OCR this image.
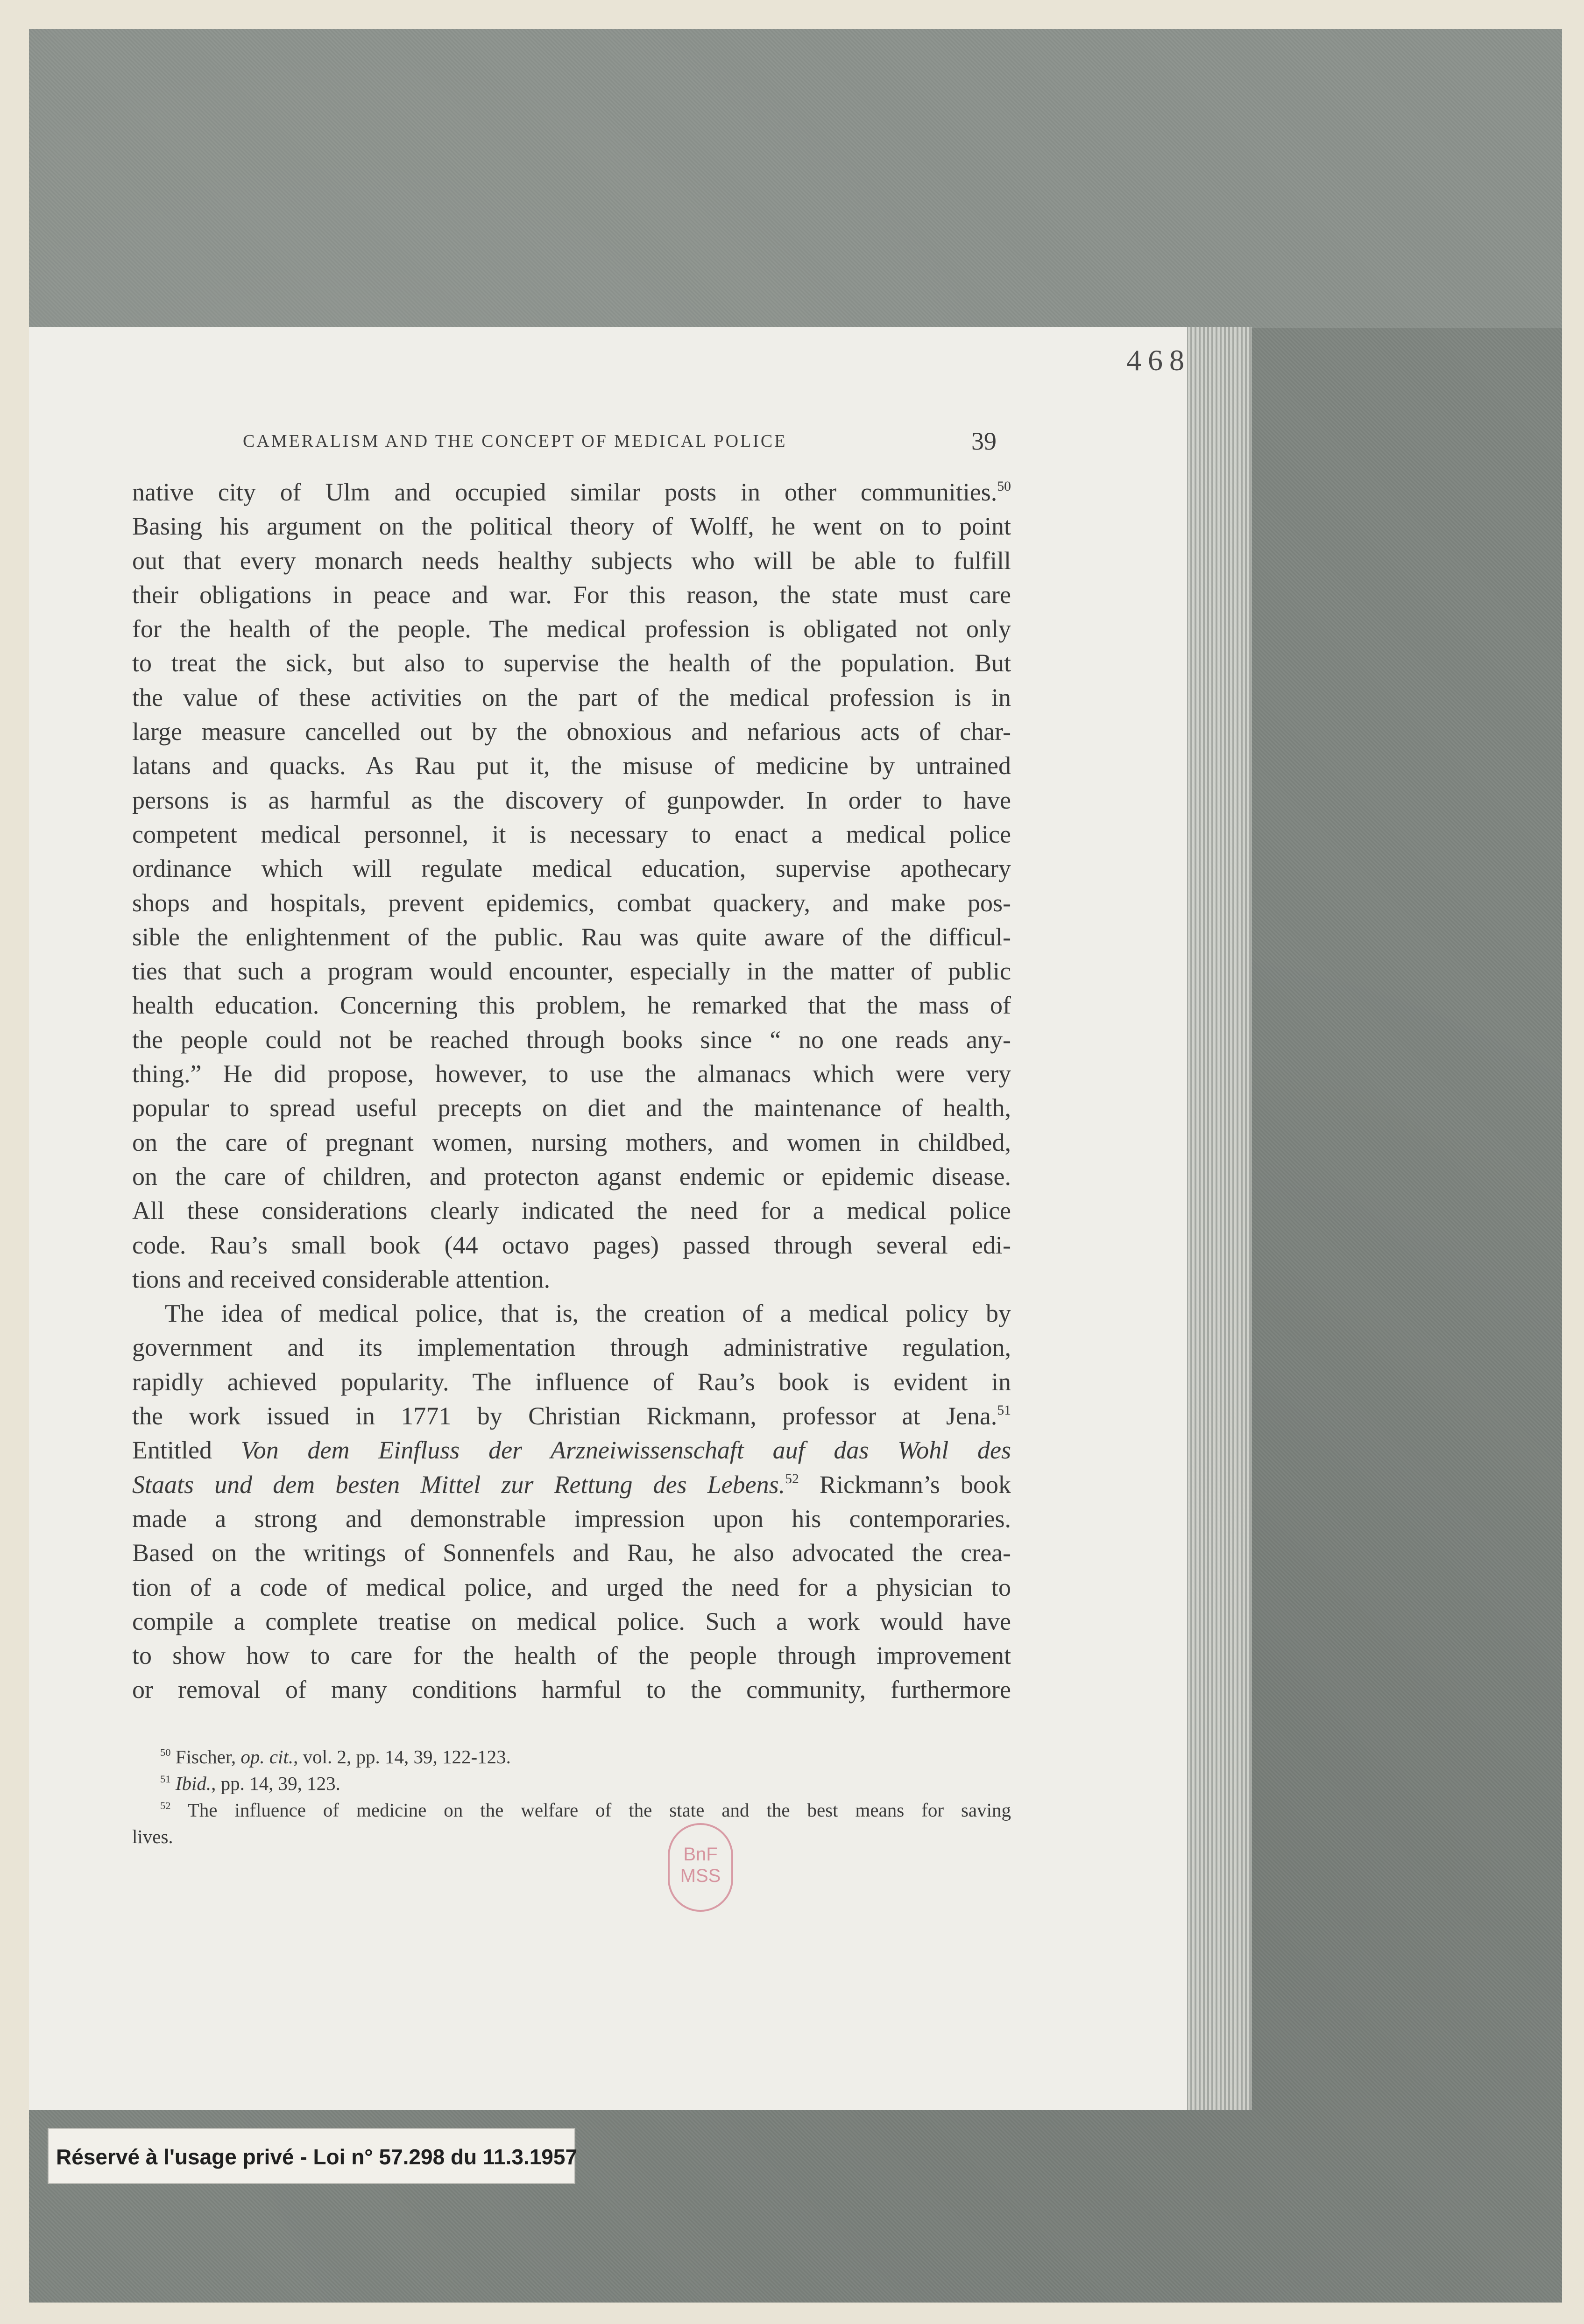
468
CAMERALISM AND THE CONCEPT OF MEDICAL POLICE	39
native city of Ulm and occupied similar posts in other communities.$^{50}$
Basing his argument on the political theory of Wolff, he went on to point
out that every monarch needs healthy subjects who will be able to fulfill
their obligations in peace and war. For this reason, the state must care
for the health of the people. The medical profession is obligated not only
to treat the sick, but also to supervise the health of the population. But
the value of these activities on the part of the medical profession is in
large measure cancelled out by the obnoxious and nefarious acts of char-
latans and quacks. As Rau put it, the misuse of medicine by untrained
persons is as harmful as the discovery of gunpowder. In order to have
competent medical personnel, it is necessary to enact a medical police
ordinance which will regulate medical education, supervise apothecary
shops and hospitals, prevent epidemics, combat quackery, and make pos-
sible the enlightenment of the public. Rau was quite aware of the difficul-
ties that such a program would encounter, especially in the matter of public
health education. Concerning this problem, he remarked that the mass of
the people could not be reached through books since “ no one reads any-
thing.” He did propose, however, to use the almanacs which were very
popular to spread useful precepts on diet and the maintenance of health,
on the care of pregnant women, nursing mothers, and women in childbed,
on the care of children, and protecton aganst endemic or epidemic disease.
All these considerations clearly indicated the need for a medical police
code. Rau’s small book (44 octavo pages) passed through several edi-
tions and received considerable attention.
The idea of medical police, that is, the creation of a medical policy by
government and its implementation through administrative regulation,
rapidly achieved popularity. The influence of Rau’s book is evident in
the work issued in 1771 by Christian Rickmann, professor at Jena.$^{51}$
Entitled Von dem Einfluss der Arzneiwissenschaft auf das Wohl des
Staats und dem besten Mittel zur Rettung des Lebens.$^{52}$ Rickmann’s book
made a strong and demonstrable impression upon his contemporaries.
Based on the writings of Sonnenfels and Rau, he also advocated the crea-
tion of a code of medical police, and urged the need for a physician to
compile a complete treatise on medical police. Such a work would have
to show how to care for the health of the people through improvement
or removal of many conditions harmful to the community, furthermore
$^{50}$ Fischer, op. cit., vol. 2, pp. 14, 39, 122-123.
$^{51}$ Ibid., pp. 14, 39, 123.
$^{52}$ The influence of medicine on the welfare of the state and the best means for saving
lives.
BnF
MSS
Réservé à l'usage privé - Loi n° 57.298 du 11.3.1957
